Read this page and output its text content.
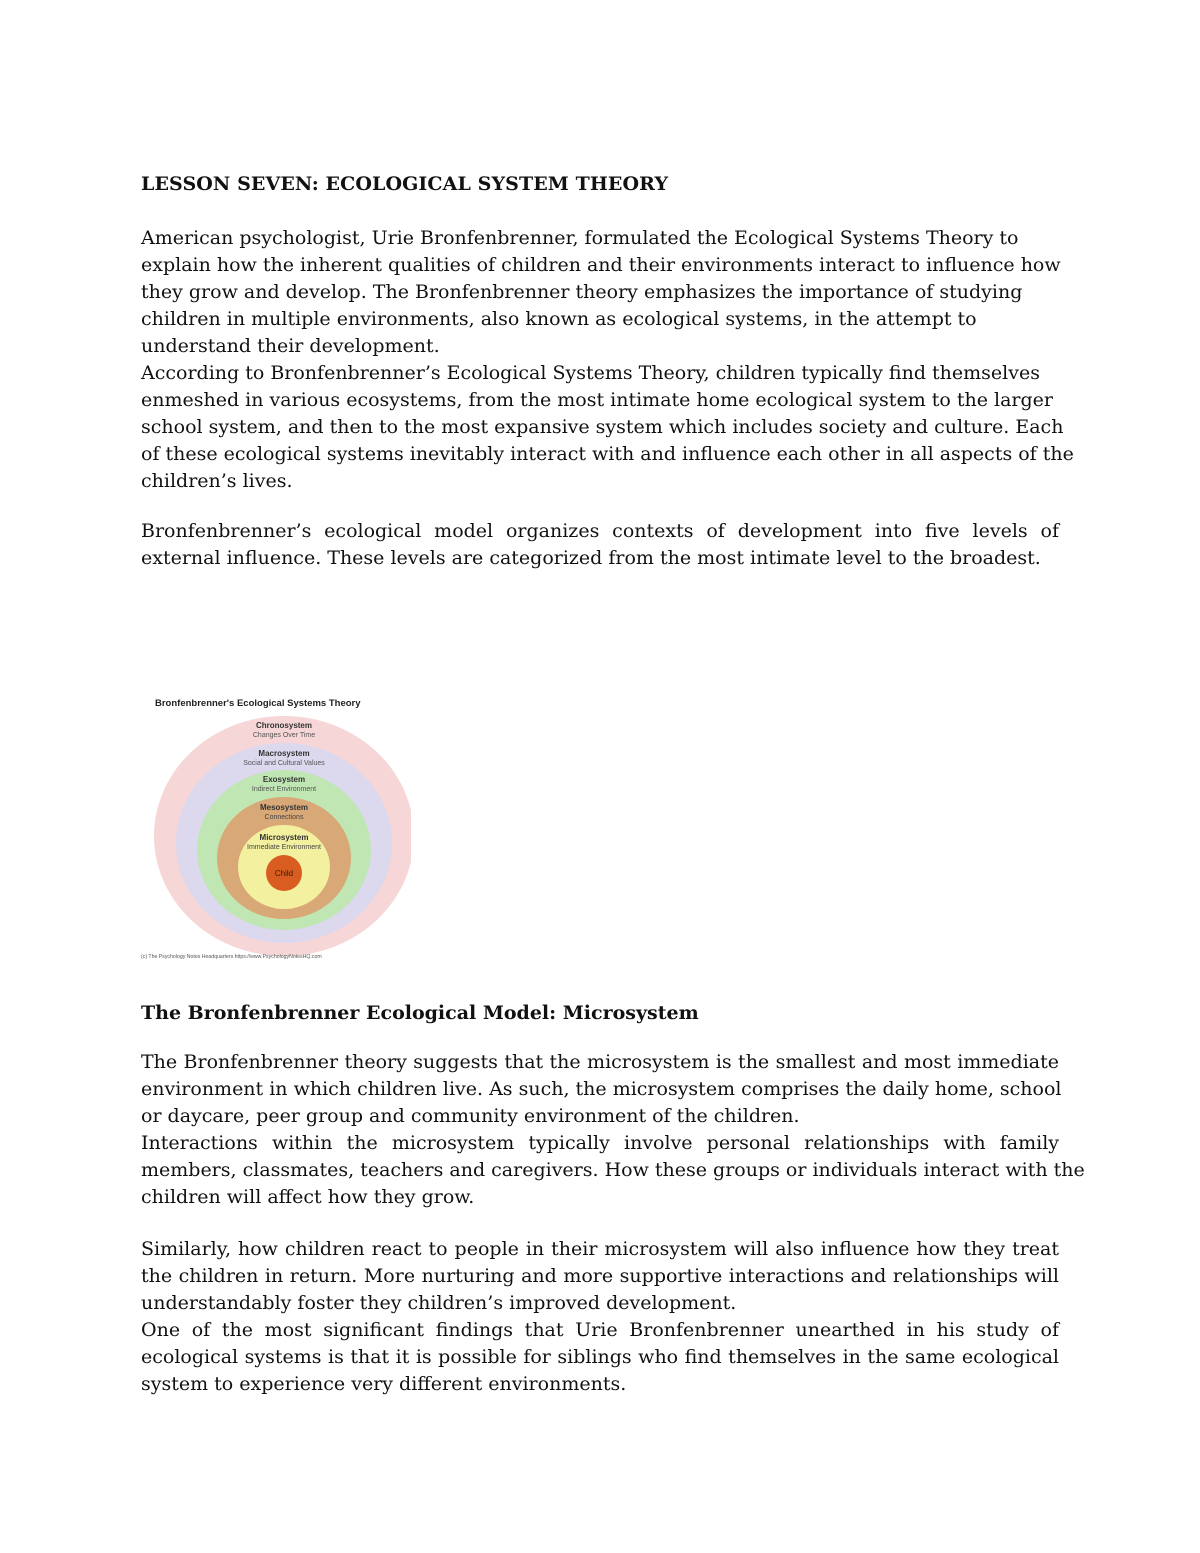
LESSON SEVEN: ECOLOGICAL SYSTEM THEORY
American psychologist, Urie Bronfenbrenner, formulated the Ecological Systems Theory to
explain how the inherent qualities of children and their environments interact to influence how
they grow and develop. The Bronfenbrenner theory emphasizes the importance of studying
children in multiple environments, also known as ecological systems, in the attempt to
understand their development.
According to Bronfenbrenner’s Ecological Systems Theory, children typically find themselves
enmeshed in various ecosystems, from the most intimate home ecological system to the larger
school system, and then to the most expansive system which includes society and culture. Each
of these ecological systems inevitably interact with and influence each other in all aspects of the
children’s lives.
Bronfenbrenner’s ecological model organizes contexts of development into five levels of
external influence. These levels are categorized from the most intimate level to the broadest.
Bronfenbrenner's Ecological Systems Theory
Chronosystem
Changes Over Time
Macrosystem
Social and Cultural Values
Exosystem
Indirect Environment
Mesosystem
Connections
Microsystem
Immediate Environment
Child
(c) The Psychology Notes Headquarters https://www.PsychologyNotesHQ.com
The Bronfenbrenner Ecological Model: Microsystem
The Bronfenbrenner theory suggests that the microsystem is the smallest and most immediate
environment in which children live. As such, the microsystem comprises the daily home, school
or daycare, peer group and community environment of the children.
Interactions within the microsystem typically involve personal relationships with family
members, classmates, teachers and caregivers. How these groups or individuals interact with the
children will affect how they grow.
Similarly, how children react to people in their microsystem will also influence how they treat
the children in return. More nurturing and more supportive interactions and relationships will
understandably foster they children’s improved development.
One of the most significant findings that Urie Bronfenbrenner unearthed in his study of
ecological systems is that it is possible for siblings who find themselves in the same ecological
system to experience very different environments.
